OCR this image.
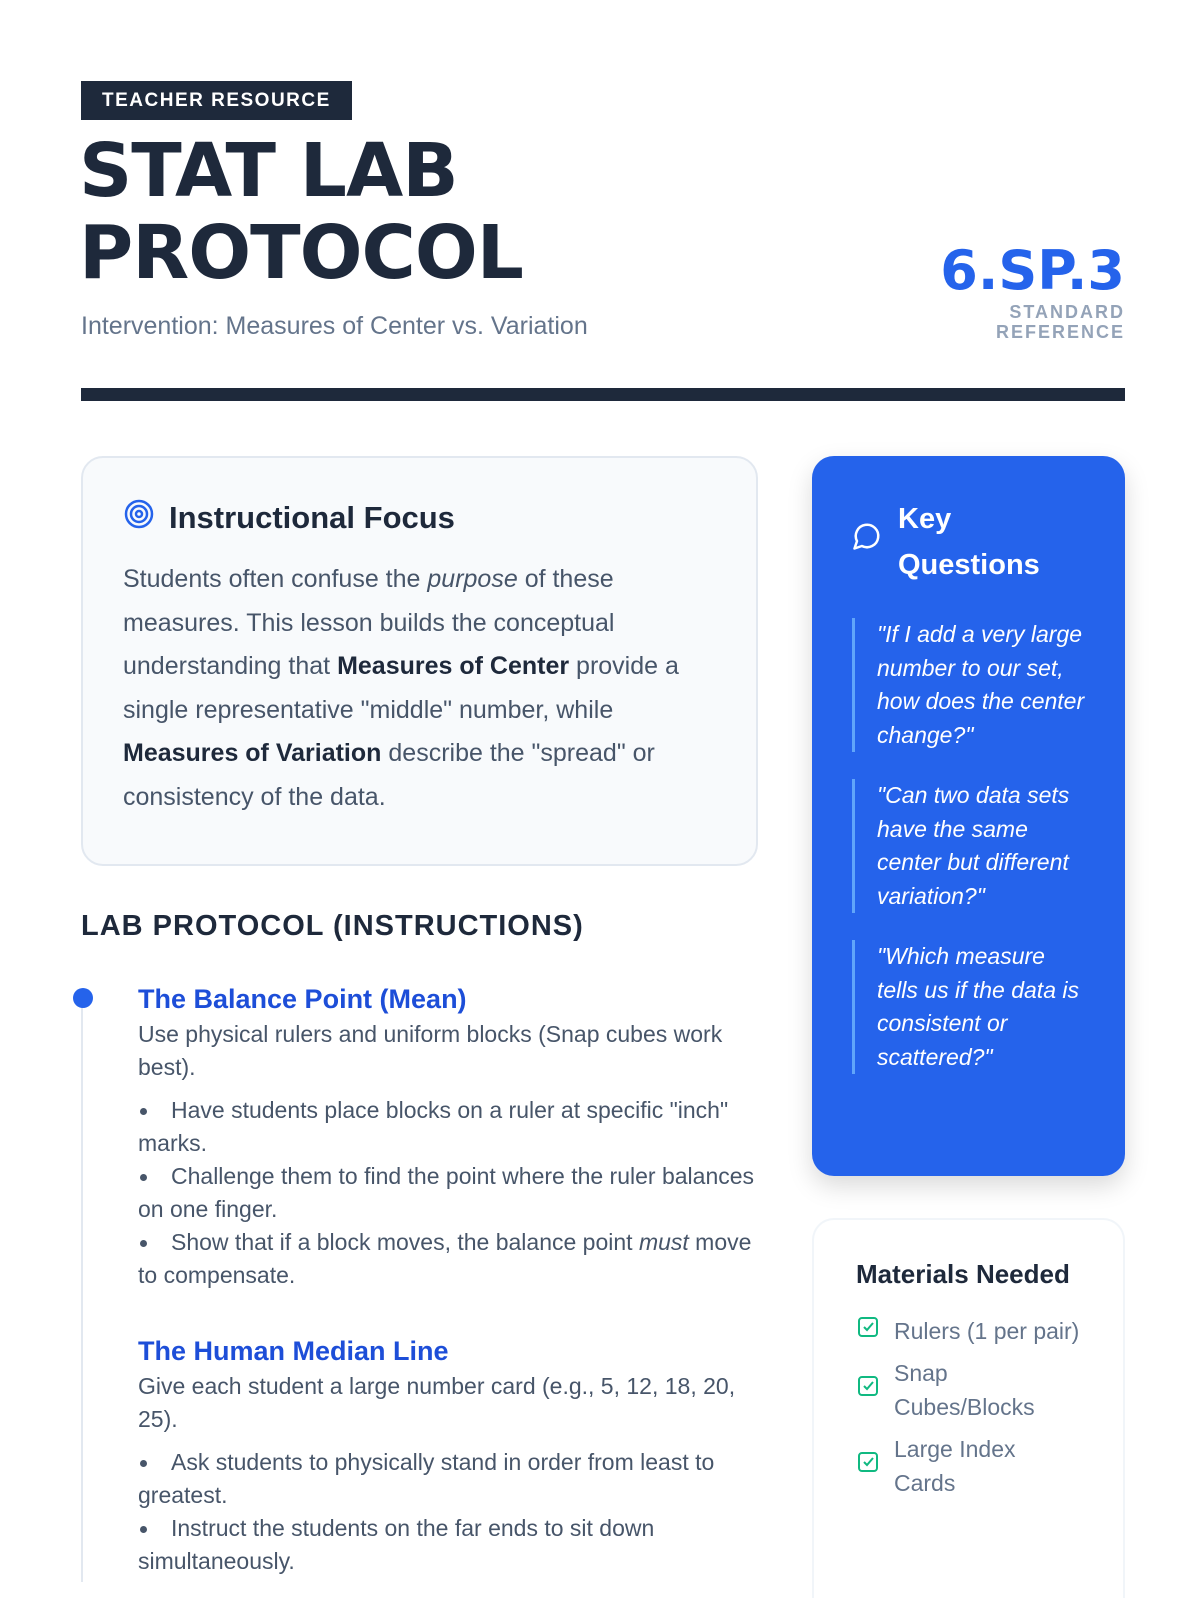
TEACHER RESOURCE
STAT LAB
PROTOCOL
Intervention: Measures of Center vs. Variation
6.SP.3
STANDARD REFERENCE
Instructional Focus

Students often confuse the purpose of these measures. This lesson builds the conceptual understanding that Measures of Center provide a single representative "middle" number, while Measures of Variation describe the "spread" or consistency of the data.

LAB PROTOCOL (INSTRUCTIONS)
The Balance Point (Mean)
Use physical rulers and uniform blocks (Snap cubes work best).
Have students place blocks on a ruler at specific "inch" marks.
Challenge them to find the point where the ruler balances on one finger.
Show that if a block moves, the balance point must move to compensate.
The Human Median Line
Give each student a large number card (e.g., 5, 12, 18, 20, 25).
Ask students to physically stand in order from least to greatest.
Instruct the students on the far ends to sit down simultaneously.
Key Questions
"If I add a very large number to our set, how does the center change?"
"Can two data sets have the same center but different variation?"
"Which measure tells us if the data is consistent or scattered?"
Materials Needed
Rulers (1 per pair)
Snap Cubes/Blocks
Large Index Cards
